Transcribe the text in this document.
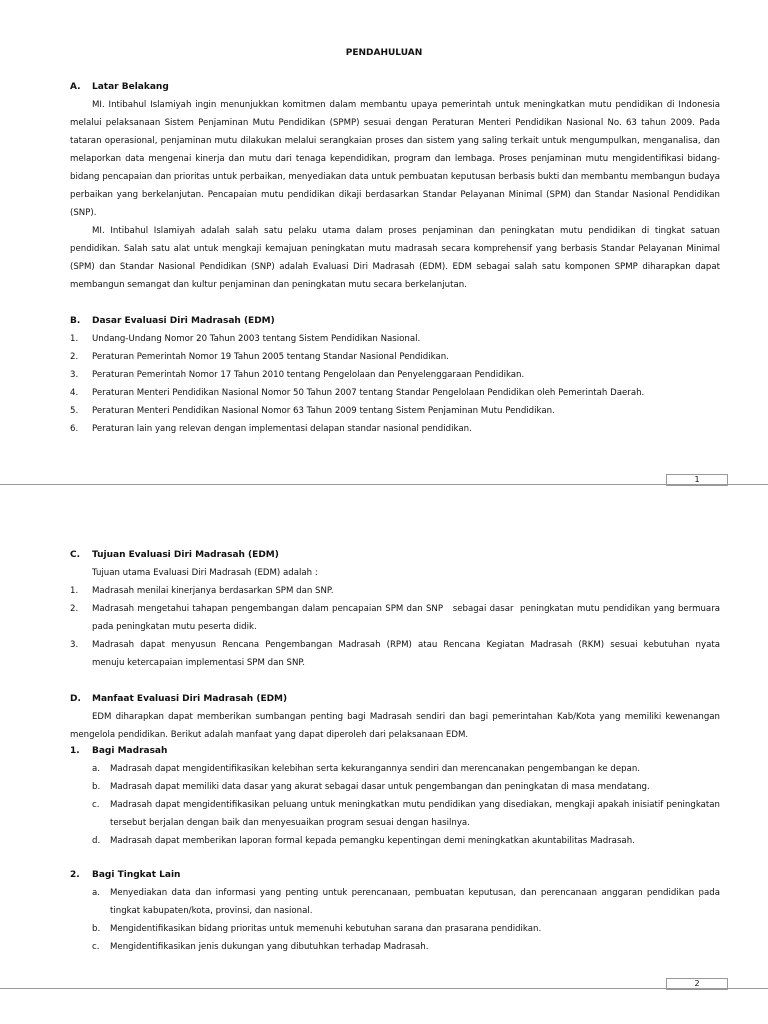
PENDAHULUAN
A. Latar Belakang
MI. Intibahul Islamiyah ingin menunjukkan komitmen dalam membantu upaya pemerintah untuk meningkatkan mutu pendidikan di Indonesia
melalui pelaksanaan Sistem Penjaminan Mutu Pendidikan (SPMP) sesuai dengan Peraturan Menteri Pendidikan Nasional No. 63 tahun 2009. Pada
tataran operasional, penjaminan mutu dilakukan melalui serangkaian proses dan sistem yang saling terkait untuk mengumpulkan, menganalisa, dan
melaporkan data mengenai kinerja dan mutu dari tenaga kependidikan, program dan lembaga. Proses penjaminan mutu mengidentifikasi bidang-
bidang pencapaian dan prioritas untuk perbaikan, menyediakan data untuk pembuatan keputusan berbasis bukti dan membantu membangun budaya
perbaikan yang berkelanjutan. Pencapaian mutu pendidikan dikaji berdasarkan Standar Pelayanan Minimal (SPM) dan Standar Nasional Pendidikan
(SNP).
MI. Intibahul Islamiyah adalah salah satu pelaku utama dalam proses penjaminan dan peningkatan mutu pendidikan di tingkat satuan
pendidikan. Salah satu alat untuk mengkaji kemajuan peningkatan mutu madrasah secara komprehensif yang berbasis Standar Pelayanan Minimal
(SPM) dan Standar Nasional Pendidikan (SNP) adalah Evaluasi Diri Madrasah (EDM). EDM sebagai salah satu komponen SPMP diharapkan dapat
membangun semangat dan kultur penjaminan dan peningkatan mutu secara berkelanjutan.
B. Dasar Evaluasi Diri Madrasah (EDM)
1. Undang-Undang Nomor 20 Tahun 2003 tentang Sistem Pendidikan Nasional.
2. Peraturan Pemerintah Nomor 19 Tahun 2005 tentang Standar Nasional Pendidikan.
3. Peraturan Pemerintah Nomor 17 Tahun 2010 tentang Pengelolaan dan Penyelenggaraan Pendidikan.
4. Peraturan Menteri Pendidikan Nasional Nomor 50 Tahun 2007 tentang Standar Pengelolaan Pendidikan oleh Pemerintah Daerah.
5. Peraturan Menteri Pendidikan Nasional Nomor 63 Tahun 2009 tentang Sistem Penjaminan Mutu Pendidikan.
6. Peraturan lain yang relevan dengan implementasi delapan standar nasional pendidikan.
1
C. Tujuan Evaluasi Diri Madrasah (EDM)
Tujuan utama Evaluasi Diri Madrasah (EDM) adalah :
1. Madrasah menilai kinerjanya berdasarkan SPM dan SNP.
2. Madrasah mengetahui tahapan pengembangan dalam pencapaian SPM dan SNP   sebagai dasar  peningkatan mutu pendidikan yang bermuara
pada peningkatan mutu peserta didik.
3. Madrasah dapat menyusun Rencana Pengembangan Madrasah (RPM) atau Rencana Kegiatan Madrasah (RKM) sesuai kebutuhan nyata
menuju ketercapaian implementasi SPM dan SNP.
D. Manfaat Evaluasi Diri Madrasah (EDM)
EDM diharapkan dapat memberikan sumbangan penting bagi Madrasah sendiri dan bagi pemerintahan Kab/Kota yang memiliki kewenangan
mengelola pendidikan. Berikut adalah manfaat yang dapat diperoleh dari pelaksanaan EDM.
1. Bagi Madrasah
a. Madrasah dapat mengidentifikasikan kelebihan serta kekurangannya sendiri dan merencanakan pengembangan ke depan.
b. Madrasah dapat memiliki data dasar yang akurat sebagai dasar untuk pengembangan dan peningkatan di masa mendatang.
c. Madrasah dapat mengidentifikasikan peluang untuk meningkatkan mutu pendidikan yang disediakan, mengkaji apakah inisiatif peningkatan
tersebut berjalan dengan baik dan menyesuaikan program sesuai dengan hasilnya.
d. Madrasah dapat memberikan laporan formal kepada pemangku kepentingan demi meningkatkan akuntabilitas Madrasah.
2. Bagi Tingkat Lain
a. Menyediakan data dan informasi yang penting untuk perencanaan, pembuatan keputusan, dan perencanaan anggaran pendidikan pada
tingkat kabupaten/kota, provinsi, dan nasional.
b. Mengidentifikasikan bidang prioritas untuk memenuhi kebutuhan sarana dan prasarana pendidikan.
c. Mengidentifikasikan jenis dukungan yang dibutuhkan terhadap Madrasah.
2
